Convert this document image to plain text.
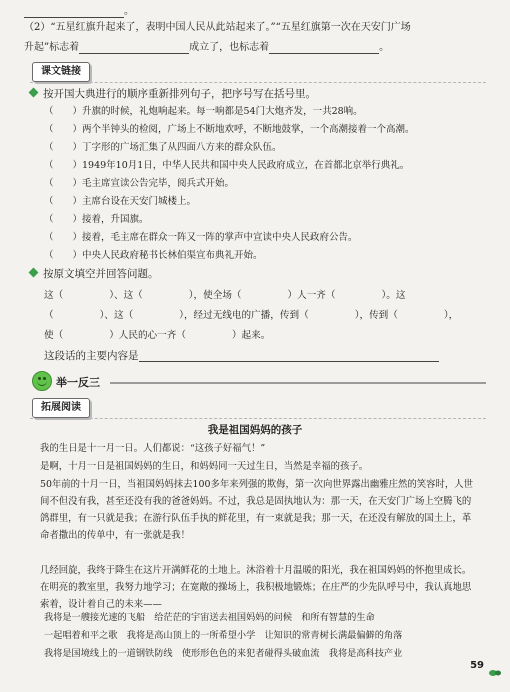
。
（2）“五星红旗升起来了，表明中国人民从此站起来了。”“五星红旗第一次在天安门广场
升起”标志着	成立了，也标志着	。
课文链接
按开国大典进行的顺序重新排列句子，把序号写在括号里。
（　　）升旗的时候，礼炮响起来。每一响都是54门大炮齐发，一共28响。
（　　）两个半钟头的检阅，广场上不断地欢呼，不断地鼓掌，一个高潮接着一个高潮。
（　　）丁字形的广场汇集了从四面八方来的群众队伍。
（　　）1949年10月1日，中华人民共和国中央人民政府成立，在首都北京举行典礼。
（　　）毛主席宣读公告完毕，阅兵式开始。
（　　）主席台设在天安门城楼上。
（　　）接着，升国旗。
（　　）接着，毛主席在群众一阵又一阵的掌声中宣读中央人民政府公告。
（　　）中央人民政府秘书长林伯渠宣布典礼开始。
按原文填空并回答问题。
这（	）、这（	），使全场（	）人一齐（	）。这
（	）、这（	），经过无线电的广播，传到（	），传到（	），
使（	）人民的心一齐（	）起来。
这段话的主要内容是
举一反三
拓展阅读
我是祖国妈妈的孩子
我的生日是十一月一日。人们都说：“这孩子好福气！”
是啊，十月一日是祖国妈妈的生日，和妈妈同一天过生日，当然是幸福的孩子。
50年前的十月一日，当祖国妈妈抹去100多年来列强的欺侮，第一次向世界露出幽雅庄然的笑容时，人世间不但没有我，甚至还没有我的爸爸妈妈。不过，我总是固执地认为：那一天，在天安门广场上空腾飞的鸽群里，有一只就是我；在游行队伍手执的鲜花里，有一束就是我；那一天，在还没有解放的国土上，革命者撒出的传单中，有一张就是我！
几经回旋，我终于降生在这片开满鲜花的土地上。沐浴着十月温暖的阳光，我在祖国妈妈的怀抱里成长。在明亮的教室里，我努力地学习；在宽敞的操场上，我积极地锻炼；在庄严的少先队呼号中，我认真地思索着，设计着自己的未来——
我将是一艘接光速的飞船　给茫茫的宇宙送去祖国妈妈的问候　和所有智慧的生命
一起唱着和平之歌　我将是高山顶上的一所希望小学　让知识的常青树长满最偏僻的角落
我将是国境线上的一道钢铁防线　使形形色色的来犯者碰得头破血流　我将是高科技产业
59
